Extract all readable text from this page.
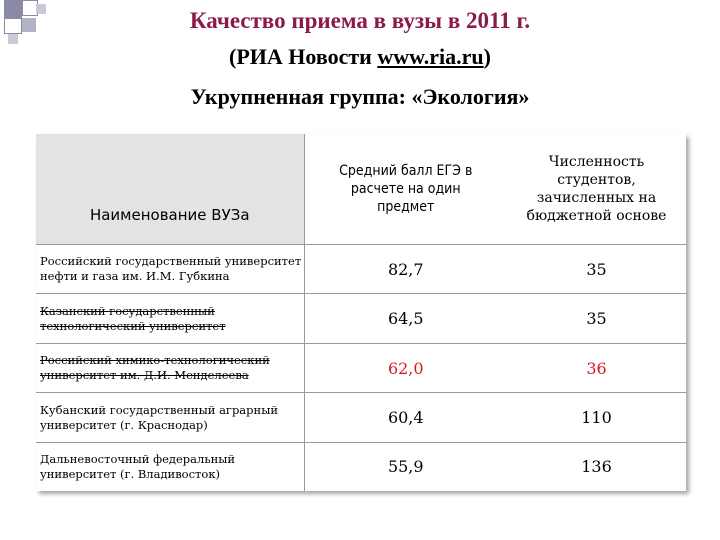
Качество приема в вузы в 2011 г.
(РИА Новости www.ria.ru)
Укрупненная группа: «Экология»
Наименование ВУЗа	Средний балл ЕГЭ в расчете на один предмет	Численность студентов, зачисленных на бюджетной основе

Российский государственный университет нефти и газа им. И.М. Губкина	82,7	35
Казанский государственный технологический университет	64,5	35
Российский химико-технологический университет им. Д.И. Менделеева	62,0	36
Кубанский государственный аграрный университет (г. Краснодар)	60,4	110
Дальневосточный федеральный университет (г. Владивосток)	55,9	136
